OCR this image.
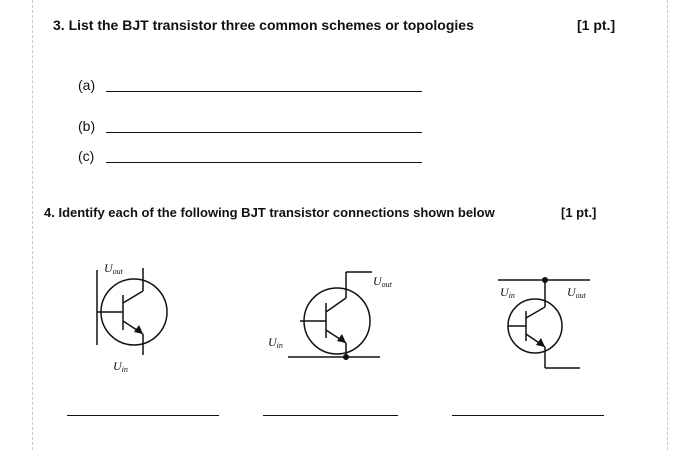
3. List the BJT transistor three common schemes or topologies	[1 pt.]
(a)
(b)
(c)
4. Identify each of the following BJT transistor connections shown below	[1 pt.]
Uout
Uin
Uout
Uin
Uin	Uout
